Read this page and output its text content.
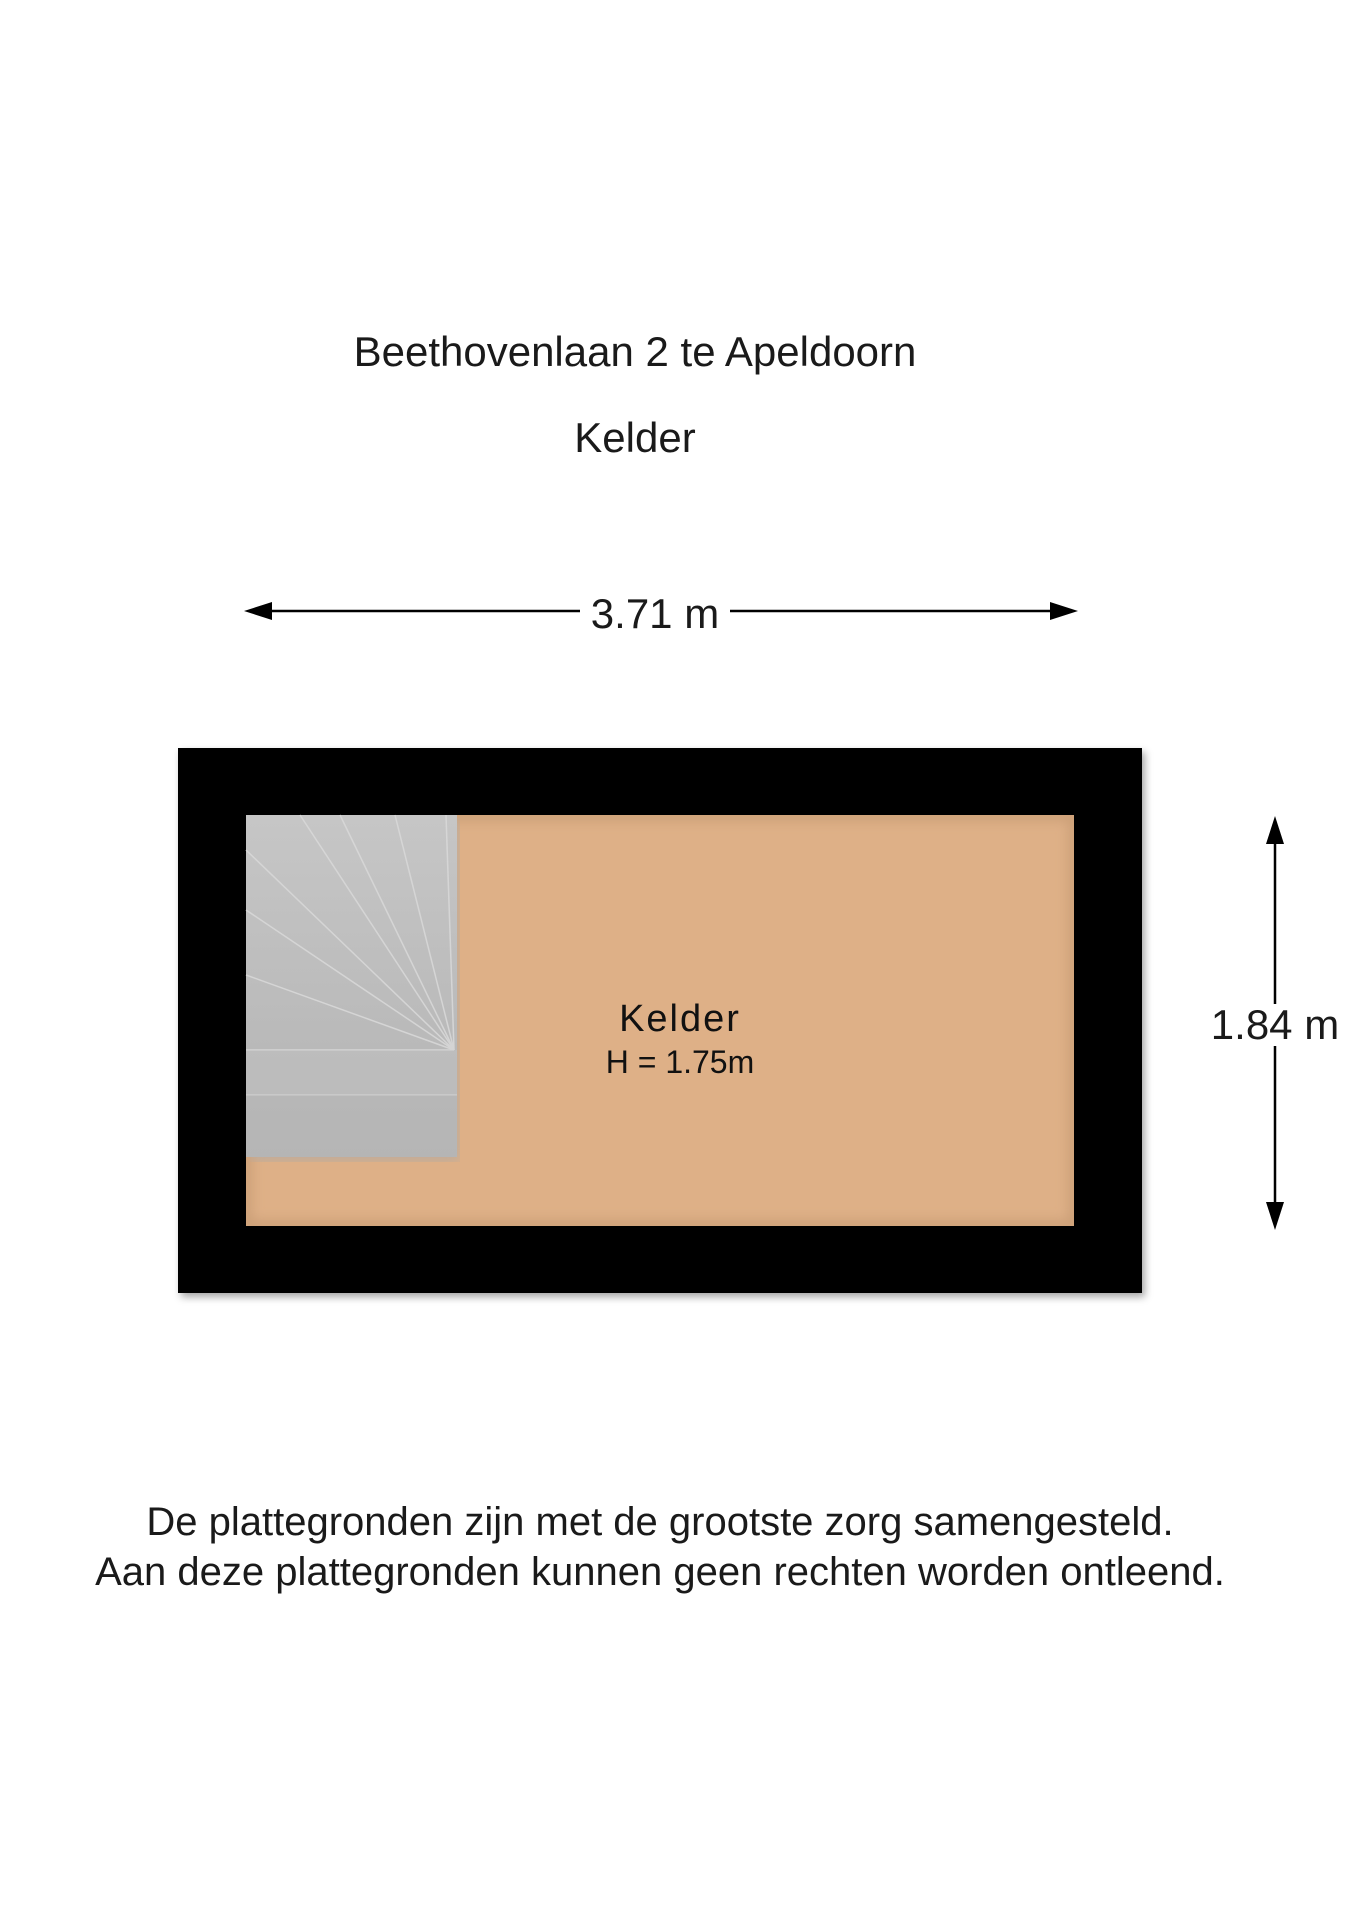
Beethovenlaan 2 te Apeldoorn
Kelder
3.71 m
1.84 m
Kelder
H = 1.75m
De plattegronden zijn met de grootste zorg samengesteld.
Aan deze plattegronden kunnen geen rechten worden ontleend.
